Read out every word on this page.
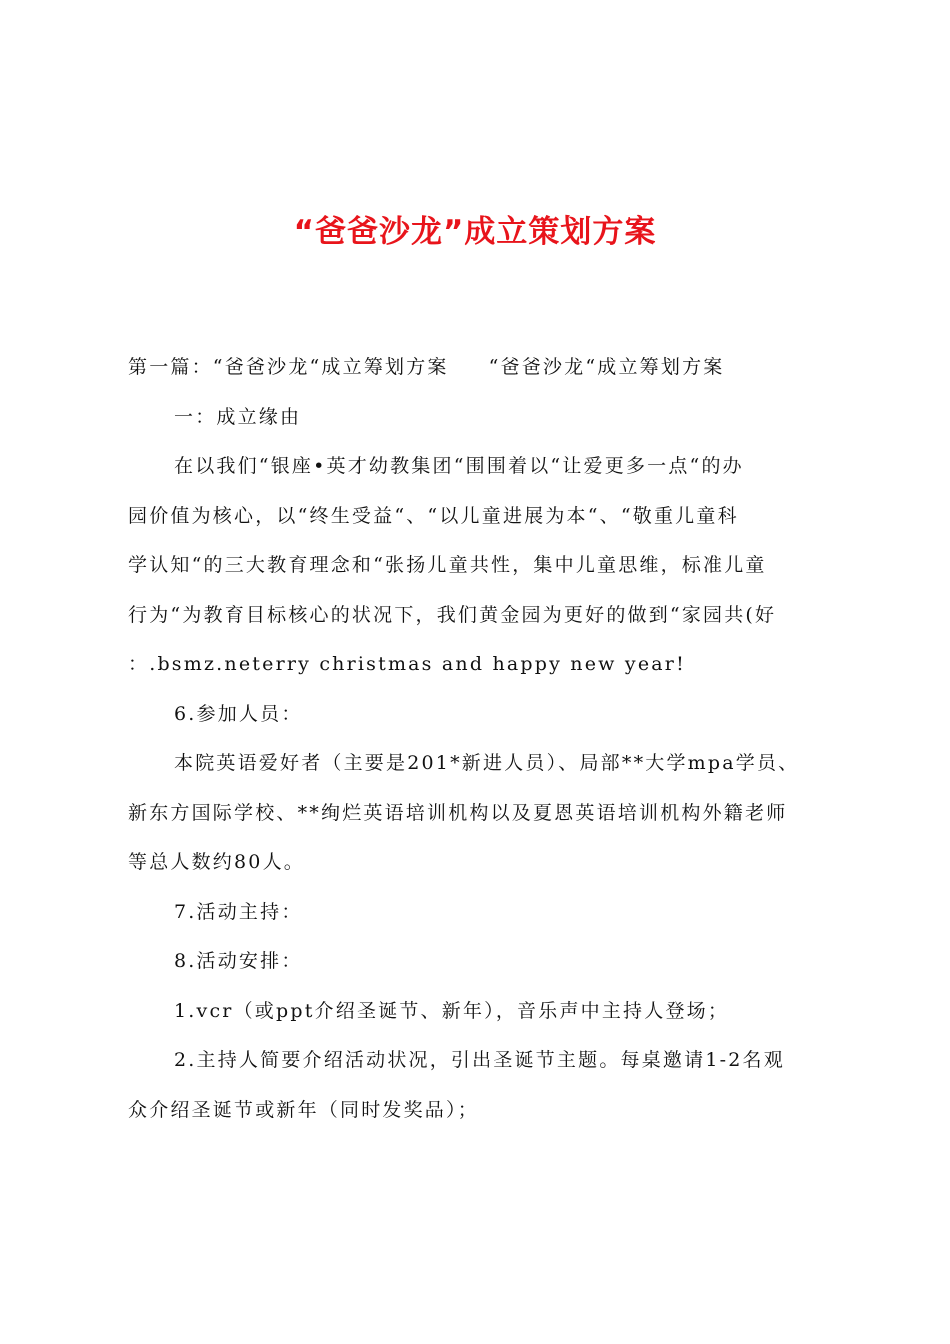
“爸爸沙龙”成立策划方案
第一篇：“爸爸沙龙“成立筹划方案 “爸爸沙龙“成立筹划方案
一：成立缘由
在以我们“银座•英才幼教集团“围围着以“让爱更多一点“的办
园价值为核心，以“终生受益“、“以儿童进展为本“、“敬重儿童科
学认知“的三大教育理念和“张扬儿童共性，集中儿童思维，标准儿童
行为“为教育目标核心的状况下，我们黄金园为更好的做到“家园共(好
：.bsmz.neterry christmas and happy new year!
6.参加人员：
本院英语爱好者（主要是201*新进人员）、局部**大学mpa学员、
新东方国际学校、**绚烂英语培训机构以及夏恩英语培训机构外籍老师
等总人数约80人。
7.活动主持：
8.活动安排：
1.vcr（或ppt介绍圣诞节、新年），音乐声中主持人登场；
2.主持人简要介绍活动状况，引出圣诞节主题。每桌邀请1-2名观
众介绍圣诞节或新年（同时发奖品）；
